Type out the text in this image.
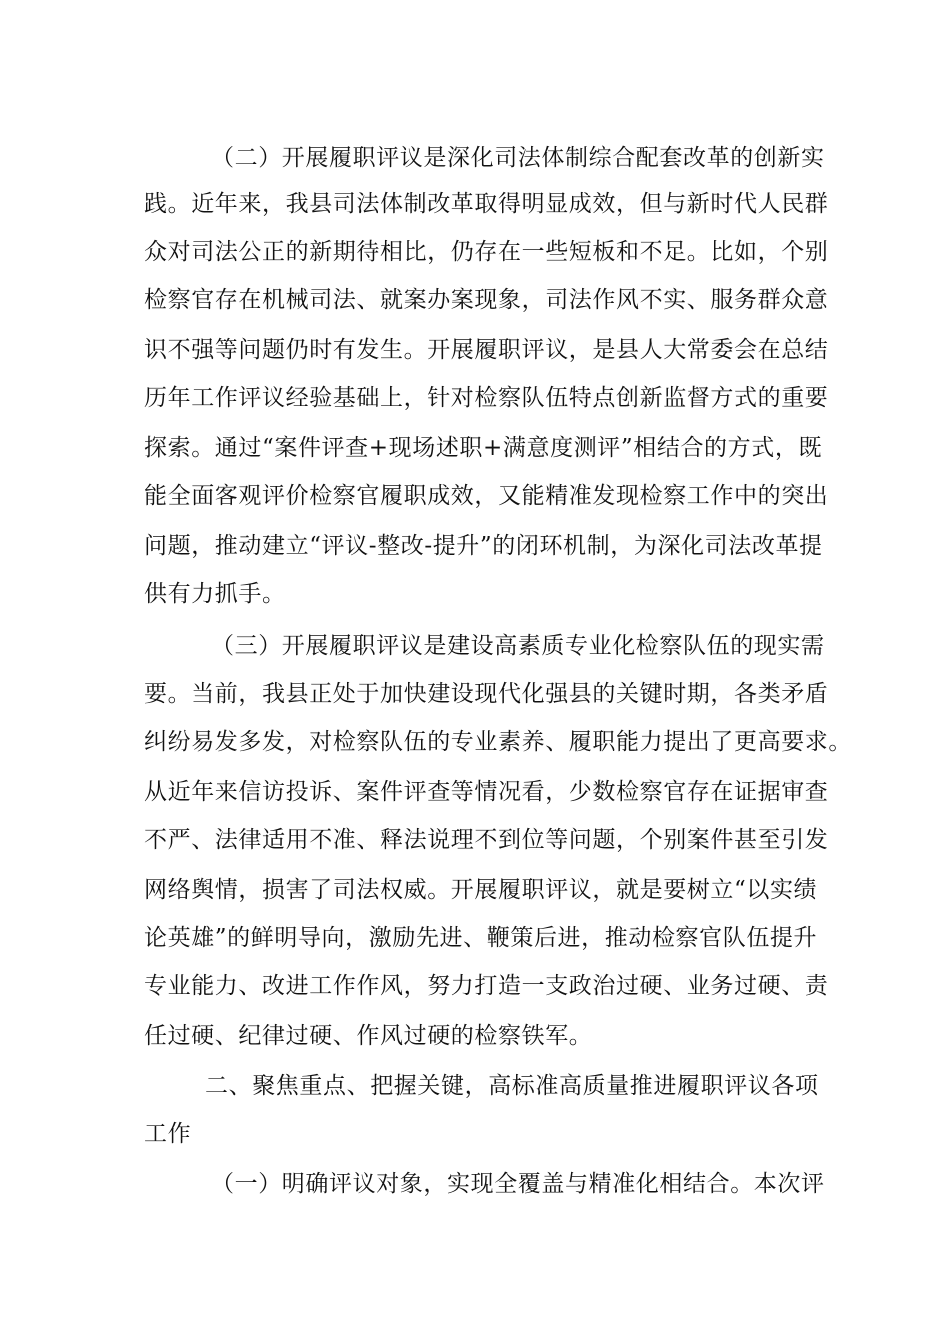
（二）开展履职评议是深化司法体制综合配套改革的创新实

践。近年来，我县司法体制改革取得明显成效，但与新时代人民群

众对司法公正的新期待相比，仍存在一些短板和不足。比如，个别

检察官存在机械司法、就案办案现象，司法作风不实、服务群众意

识不强等问题仍时有发生。开展履职评议，是县人大常委会在总结

历年工作评议经验基础上，针对检察队伍特点创新监督方式的重要

探索。通过“案件评查+现场述职+满意度测评”相结合的方式，既

能全面客观评价检察官履职成效，又能精准发现检察工作中的突出

问题，推动建立“评议-整改-提升”的闭环机制，为深化司法改革提

供有力抓手。

（三）开展履职评议是建设高素质专业化检察队伍的现实需

要。当前，我县正处于加快建设现代化强县的关键时期，各类矛盾

纠纷易发多发，对检察队伍的专业素养、履职能力提出了更高要求。

从近年来信访投诉、案件评查等情况看，少数检察官存在证据审查

不严、法律适用不准、释法说理不到位等问题，个别案件甚至引发

网络舆情，损害了司法权威。开展履职评议，就是要树立“以实绩

论英雄”的鲜明导向，激励先进、鞭策后进，推动检察官队伍提升

专业能力、改进工作作风，努力打造一支政治过硬、业务过硬、责

任过硬、纪律过硬、作风过硬的检察铁军。

二、聚焦重点、把握关键，高标准高质量推进履职评议各项

工作

（一）明确评议对象，实现全覆盖与精准化相结合。本次评
